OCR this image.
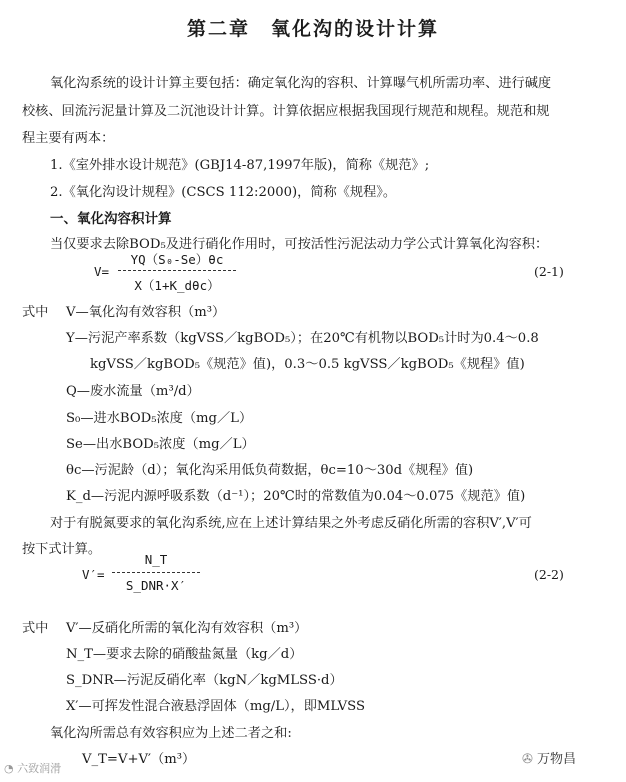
第二章　氧化沟的设计计算
氧化沟系统的设计计算主要包括：确定氧化沟的容积、计算曝气机所需功率、进行碱度
校核、回流污泥量计算及二沉池设计计算。计算依据应根据我国现行规范和规程。规范和规
程主要有两本：
1.《室外排水设计规范》(GBJ14-87,1997年版)，简称《规范》;
2.《氧化沟设计规程》(CSCS 112:2000)，简称《规程》。
一、氧化沟容积计算
当仅要求去除BOD₅及进行硝化作用时，可按活性污泥法动力学公式计算氧化沟容积：
V=
YQ（S₀-Se）θc
X（1+K_dθc）
(2-1)
式中 V—氧化沟有效容积（m³）
Y—污泥产率系数（kgVSS／kgBOD₅）；在20℃有机物以BOD₅计时为0.4～0.8
kgVSS／kgBOD₅《规范》值)，0.3～0.5 kgVSS／kgBOD₅《规程》值)
Q—废水流量（m³/d）
S₀—进水BOD₅浓度（mg／L）
Se—出水BOD₅浓度（mg／L）
θc—污泥龄（d）；氧化沟采用低负荷数据，θc=10～30d《规程》值)
K_d—污泥内源呼吸系数（d⁻¹）；20℃时的常数值为0.04～0.075《规范》值)
对于有脱氮要求的氧化沟系统,应在上述计算结果之外考虑反硝化所需的容积V′,V′可
按下式计算。
V′=
N_T
S_DNR·X′
(2-2)
式中 V′—反硝化所需的氧化沟有效容积（m³）
N_T—要求去除的硝酸盐氮量（kg／d）
S_DNR—污泥反硝化率（kgN／kgMLSS·d）
X′—可挥发性混合液悬浮固体（mg/L），即MLVSS
氧化沟所需总有效容积应为上述二者之和:
V_T=V+V′（m³）
◔ 六致润滑
✇ 万物昌
